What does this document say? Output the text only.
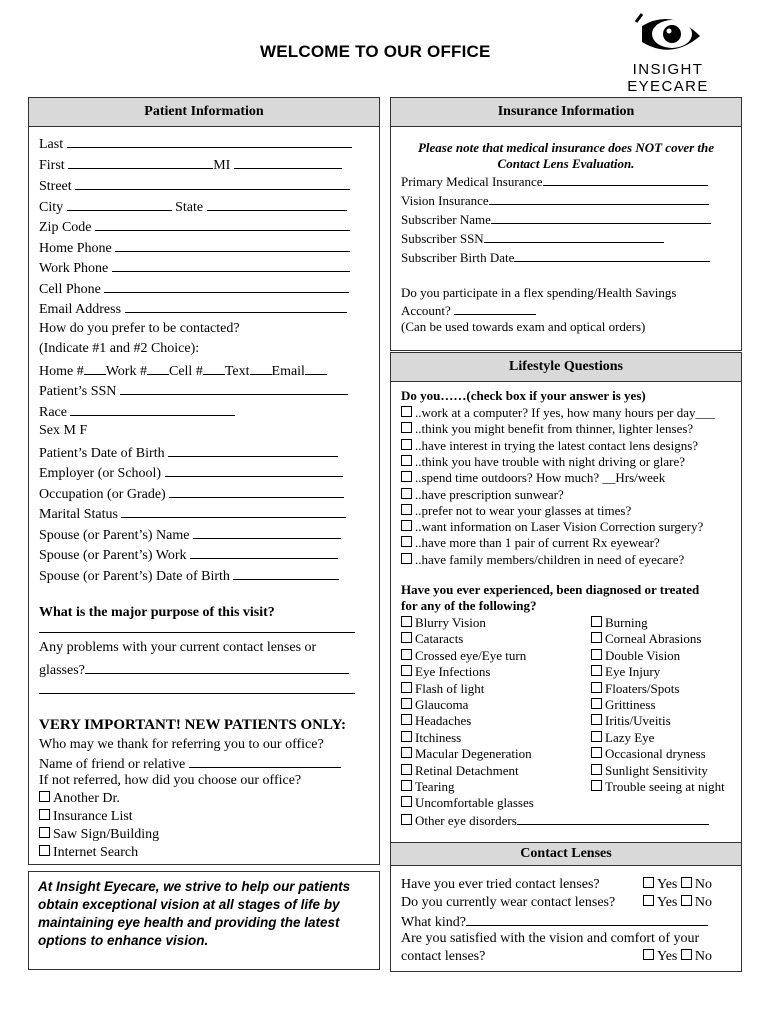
WELCOME TO OUR OFFICE
INSIGHT EYECARE
Patient Information
Last
First	MI
Street
City	State
Zip Code
Home Phone
Work Phone
Cell Phone
Email Address
How do you prefer to be contacted?
(Indicate #1 and #2 Choice):
Home # Work # Cell # Text Email
Patient’s SSN
Race
Sex M F
Patient’s Date of Birth
Employer (or School)
Occupation (or Grade)
Marital Status
Spouse (or Parent’s) Name
Spouse (or Parent’s) Work
Spouse (or Parent’s) Date of Birth
What is the major purpose of this visit?
Any problems with your current contact lenses or
glasses?
VERY IMPORTANT! NEW PATIENTS ONLY:
Who may we thank for referring you to our office?
Name of friend or relative
If not referred, how did you choose our office?
Another Dr.
Insurance List
Saw Sign/Building
Internet Search
At Insight Eyecare, we strive to help our patients obtain exceptional vision at all stages of life by maintaining eye health and providing the latest options to enhance vision.
Insurance Information
Please note that medical insurance does NOT cover the
Contact Lens Evaluation.
Primary Medical Insurance
Vision Insurance
Subscriber Name
Subscriber SSN
Subscriber Birth Date
Do you participate in a flex spending/Health Savings
Account?
(Can be used towards exam and optical orders)
Lifestyle Questions
Do you……(check box if your answer is yes)
..work at a computer? If yes, how many hours per day___
..think you might benefit from thinner, lighter lenses?
..have interest in trying the latest contact lens designs?
..think you have trouble with night driving or glare?
..spend time outdoors? How much? __Hrs/week
..have prescription sunwear?
..prefer not to wear your glasses at times?
..want information on Laser Vision Correction surgery?
..have more than 1 pair of current Rx eyewear?
..have family members/children in need of eyecare?
Have you ever experienced, been diagnosed or treated
for any of the following?
Blurry Vision	Burning
Cataracts	Corneal Abrasions
Crossed eye/Eye turn	Double Vision
Eye Infections	Eye Injury
Flash of light	Floaters/Spots
Glaucoma	Grittiness
Headaches	Iritis/Uveitis
Itchiness	Lazy Eye
Macular Degeneration	Occasional dryness
Retinal Detachment	Sunlight Sensitivity
Tearing	Trouble seeing at night
Uncomfortable glasses
Other eye disorders
Contact Lenses
Have you ever tried contact lenses?	Yes No
Do you currently wear contact lenses?	Yes No
What kind?
Are you satisfied with the vision and comfort of your
contact lenses?	Yes No
